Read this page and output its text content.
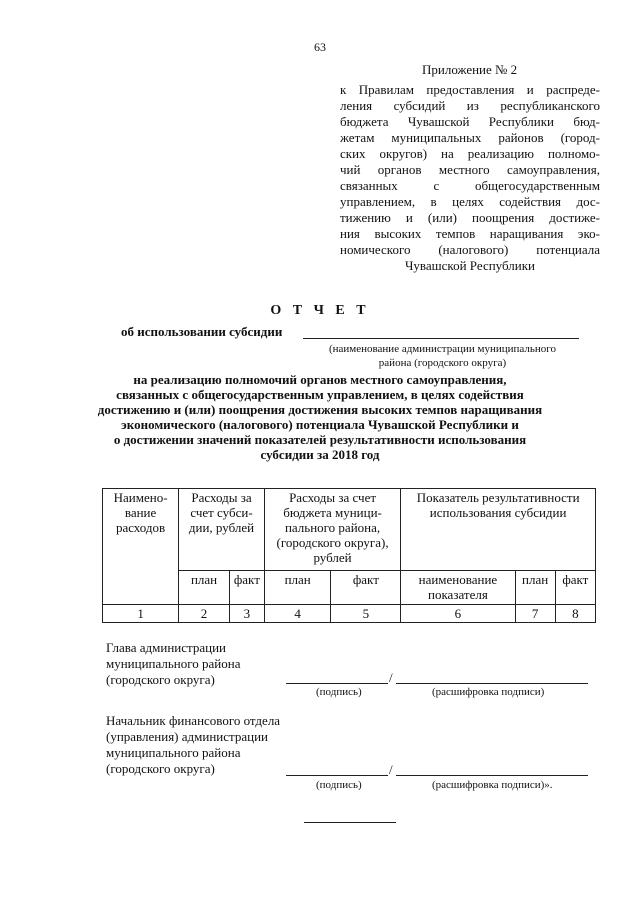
63
Приложение № 2
к Правилам предоставления и распреде-
ления субсидий из республиканского
бюджета Чувашской Республики бюд-
жетам муниципальных районов (город-
ских округов) на реализацию полномо-
чий органов местного самоуправления,
связанных с общегосударственным
управлением, в целях содействия дос-
тижению и (или) поощрения достиже-
ния высоких темпов наращивания эко-
номического (налогового) потенциала
Чувашской Республики
О Т Ч Е Т
об использовании субсидии
(наименование администрации муниципального
района (городского округа)
на реализацию полномочий органов местного самоуправления,
связанных с общегосударственным управлением, в целях содействия
достижению и (или) поощрения достижения высоких темпов наращивания
экономического (налогового) потенциала Чувашской Республики и
о достижении значений показателей результативности использования
субсидии за 2018 год
Наимено-вание расходов	Расходы за счет субси-дии, рублей		Расходы за счет бюджета муници-пального района, (городского округа), рублей		Показатель результативности использования субсидии		
	план	факт	план	факт	наименование показателя	план	факт
1	2	3	4	5	6	7	8
Глава администрации муниципального района (городского округа)	/
(подпись)	(расшифровка подписи)
Начальник финансового отдела (управления) администрации муниципального района (городского округа)	/
(подпись)	(расшифровка подписи)».
